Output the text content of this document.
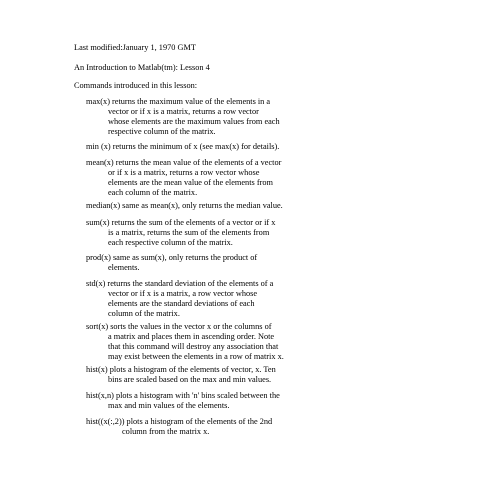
Last modified:January 1, 1970 GMT
An Introduction to Matlab(tm): Lesson 4
Commands introduced in this lesson:

max(x) returns the maximum value of the elements in a

vector or if x is a matrix, returns a row vector

whose elements are the maximum values from each

respective column of the matrix.

min (x) returns the minimum of x (see max(x) for details).

mean(x) returns the mean value of the elements of a vector

or if x is a matrix, returns a row vector whose

elements are the mean value of the elements from

each column of the matrix.

median(x) same as mean(x), only returns the median value.

sum(x) returns the sum of the elements of a vector or if x

is a matrix, returns the sum of the elements from

each respective column of the matrix.

prod(x) same as sum(x), only returns the product of

elements.

std(x) returns the standard deviation of the elements of a

vector or if x is a matrix, a row vector whose

elements are the standard deviations of each

column of the matrix.

sort(x) sorts the values in the vector x or the columns of

a matrix and places them in ascending order. Note

that this command will destroy any association that

may exist between the elements in a row of matrix x.

hist(x) plots a histogram of the elements of vector, x. Ten

bins are scaled based on the max and min values.

hist(x,n) plots a histogram with 'n' bins scaled between the

max and min values of the elements.

hist((x(:,2)) plots a histogram of the elements of the 2nd

column from the matrix x.
